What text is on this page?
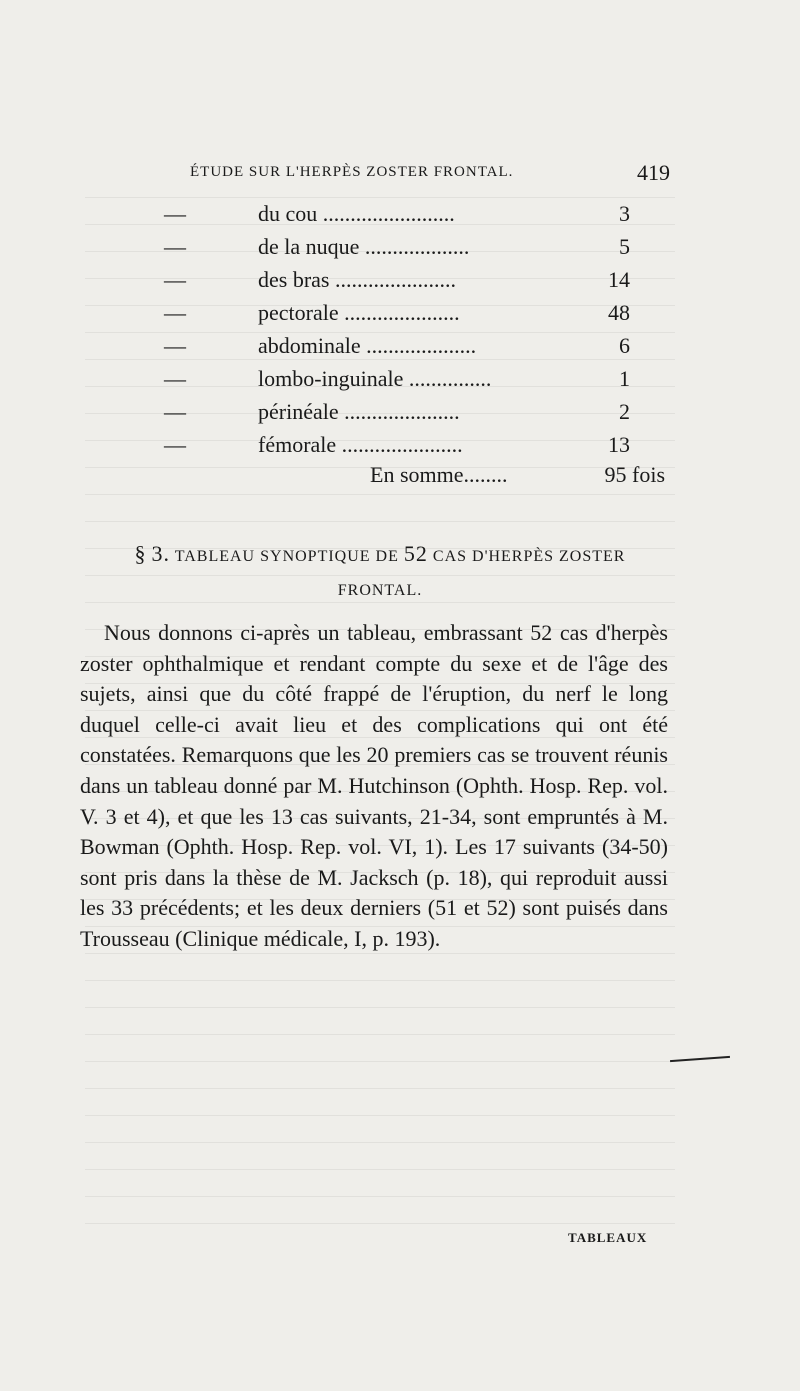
ÉTUDE SUR L'HERPÈS ZOSTER FRONTAL.	419
—	du cou ........................	3
—	de la nuque ...................	5
—	des bras ......................	14
—	pectorale .....................	48
—	abdominale ....................	6
—	lombo-inguinale ...............	1
—	périnéale .....................	2
—	fémorale ......................	13
En somme........	95 fois
§ 3. TABLEAU SYNOPTIQUE DE 52 CAS D'HERPÈS ZOSTER
FRONTAL.
Nous donnons ci-après un tableau, embrassant 52 cas d'herpès zoster ophthalmique et rendant compte du sexe et de l'âge des sujets, ainsi que du côté frappé de l'éruption, du nerf le long duquel celle-ci avait lieu et des complications qui ont été constatées. Remarquons que les 20 premiers cas se trouvent réunis dans un tableau donné par M. Hutchinson (Ophth. Hosp. Rep. vol. V. 3 et 4), et que les 13 cas suivants, 21-34, sont empruntés à M. Bowman (Ophth. Hosp. Rep. vol. VI, 1). Les 17 suivants (34-50) sont pris dans la thèse de M. Jacksch (p. 18), qui reproduit aussi les 33 précédents; et les deux derniers (51 et 52) sont puisés dans Trousseau (Clinique médicale, I, p. 193).
TABLEAUX
